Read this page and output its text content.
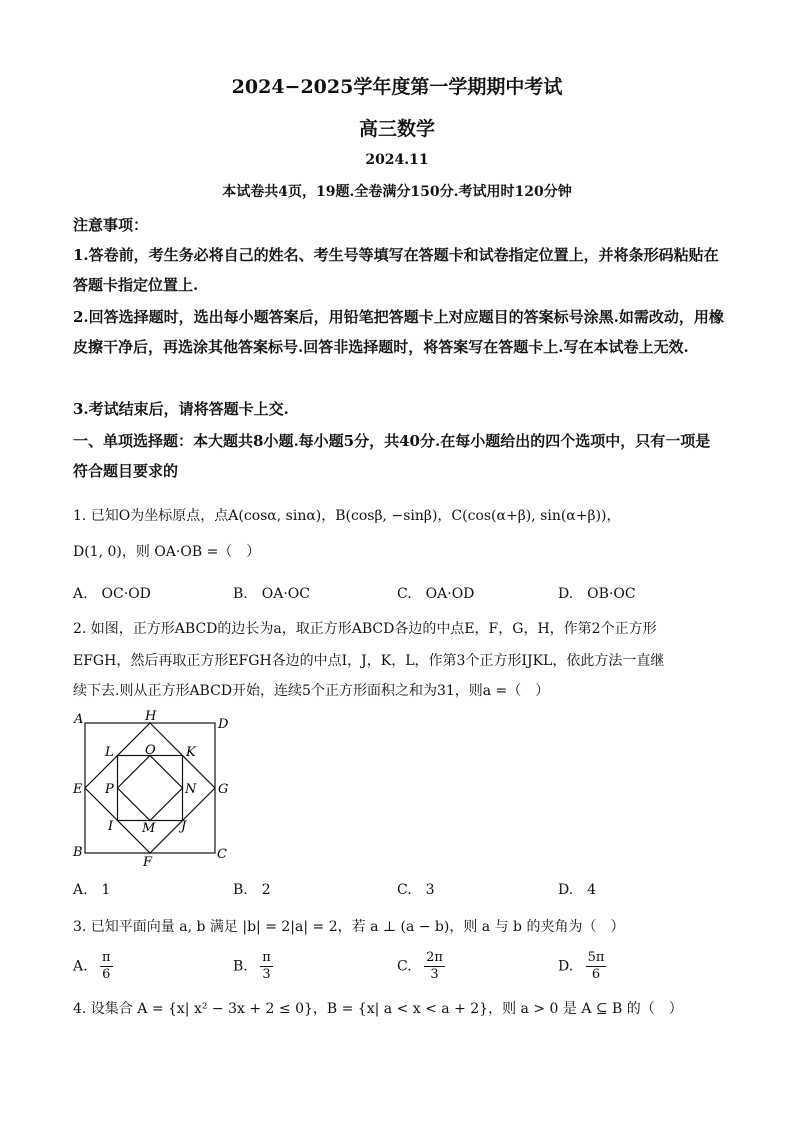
2024−2025学年度第一学期期中考试
高三数学
2024.11
本试卷共4页，19题.全卷满分150分.考试用时120分钟
注意事项：
1.答卷前，考生务必将自己的姓名、考生号等填写在答题卡和试卷指定位置上，并将条形码粘贴在答题卡指定位置上.
2.回答选择题时，选出每小题答案后，用铅笔把答题卡上对应题目的答案标号涂黑.如需改动，用橡皮擦干净后，再选涂其他答案标号.回答非选择题时，将答案写在答题卡上.写在本试卷上无效.
3.考试结束后，请将答题卡上交.
一、单项选择题：本大题共8小题.每小题5分，共40分.在每小题给出的四个选项中，只有一项是符合题目要求的
1. 已知O为坐标原点，点A(cosα, sinα)，B(cosβ, −sinβ)，C(cos(α+β), sin(α+β))，
D(1, 0)，则 OA·OB =（　）
A.　OC·OD	B.　OA·OC	C.　OA·OD	D.　OB·OC
2. 如图，正方形ABCD的边长为a，取正方形ABCD各边的中点E，F，G，H，作第2个正方形
EFGH，然后再取正方形EFGH各边的中点I，J，K，L，作第3个正方形IJKL，依此方法一直继
续下去.则从正方形ABCD开始，连续5个正方形面积之和为31，则a =（　）
A	H
D
L O K
E P	N G
I M J
B
F
C
A.　1	B.　2	C.　3	D.　4
3. 已知平面向量 a, b 满足 |b| = 2|a| = 2，若 a ⊥ (a − b)，则 a 与 b 的夹角为（　）
A. $\frac{\pi}{6}$	B. $\frac{\pi}{3}$	C. $\frac{2\pi}{3}$	D. $\frac{5\pi}{6}$
4. 设集合 A = {x| x² − 3x + 2 ≤ 0}，B = {x| a < x < a + 2}，则 a > 0 是 A ⊆ B 的（　）
